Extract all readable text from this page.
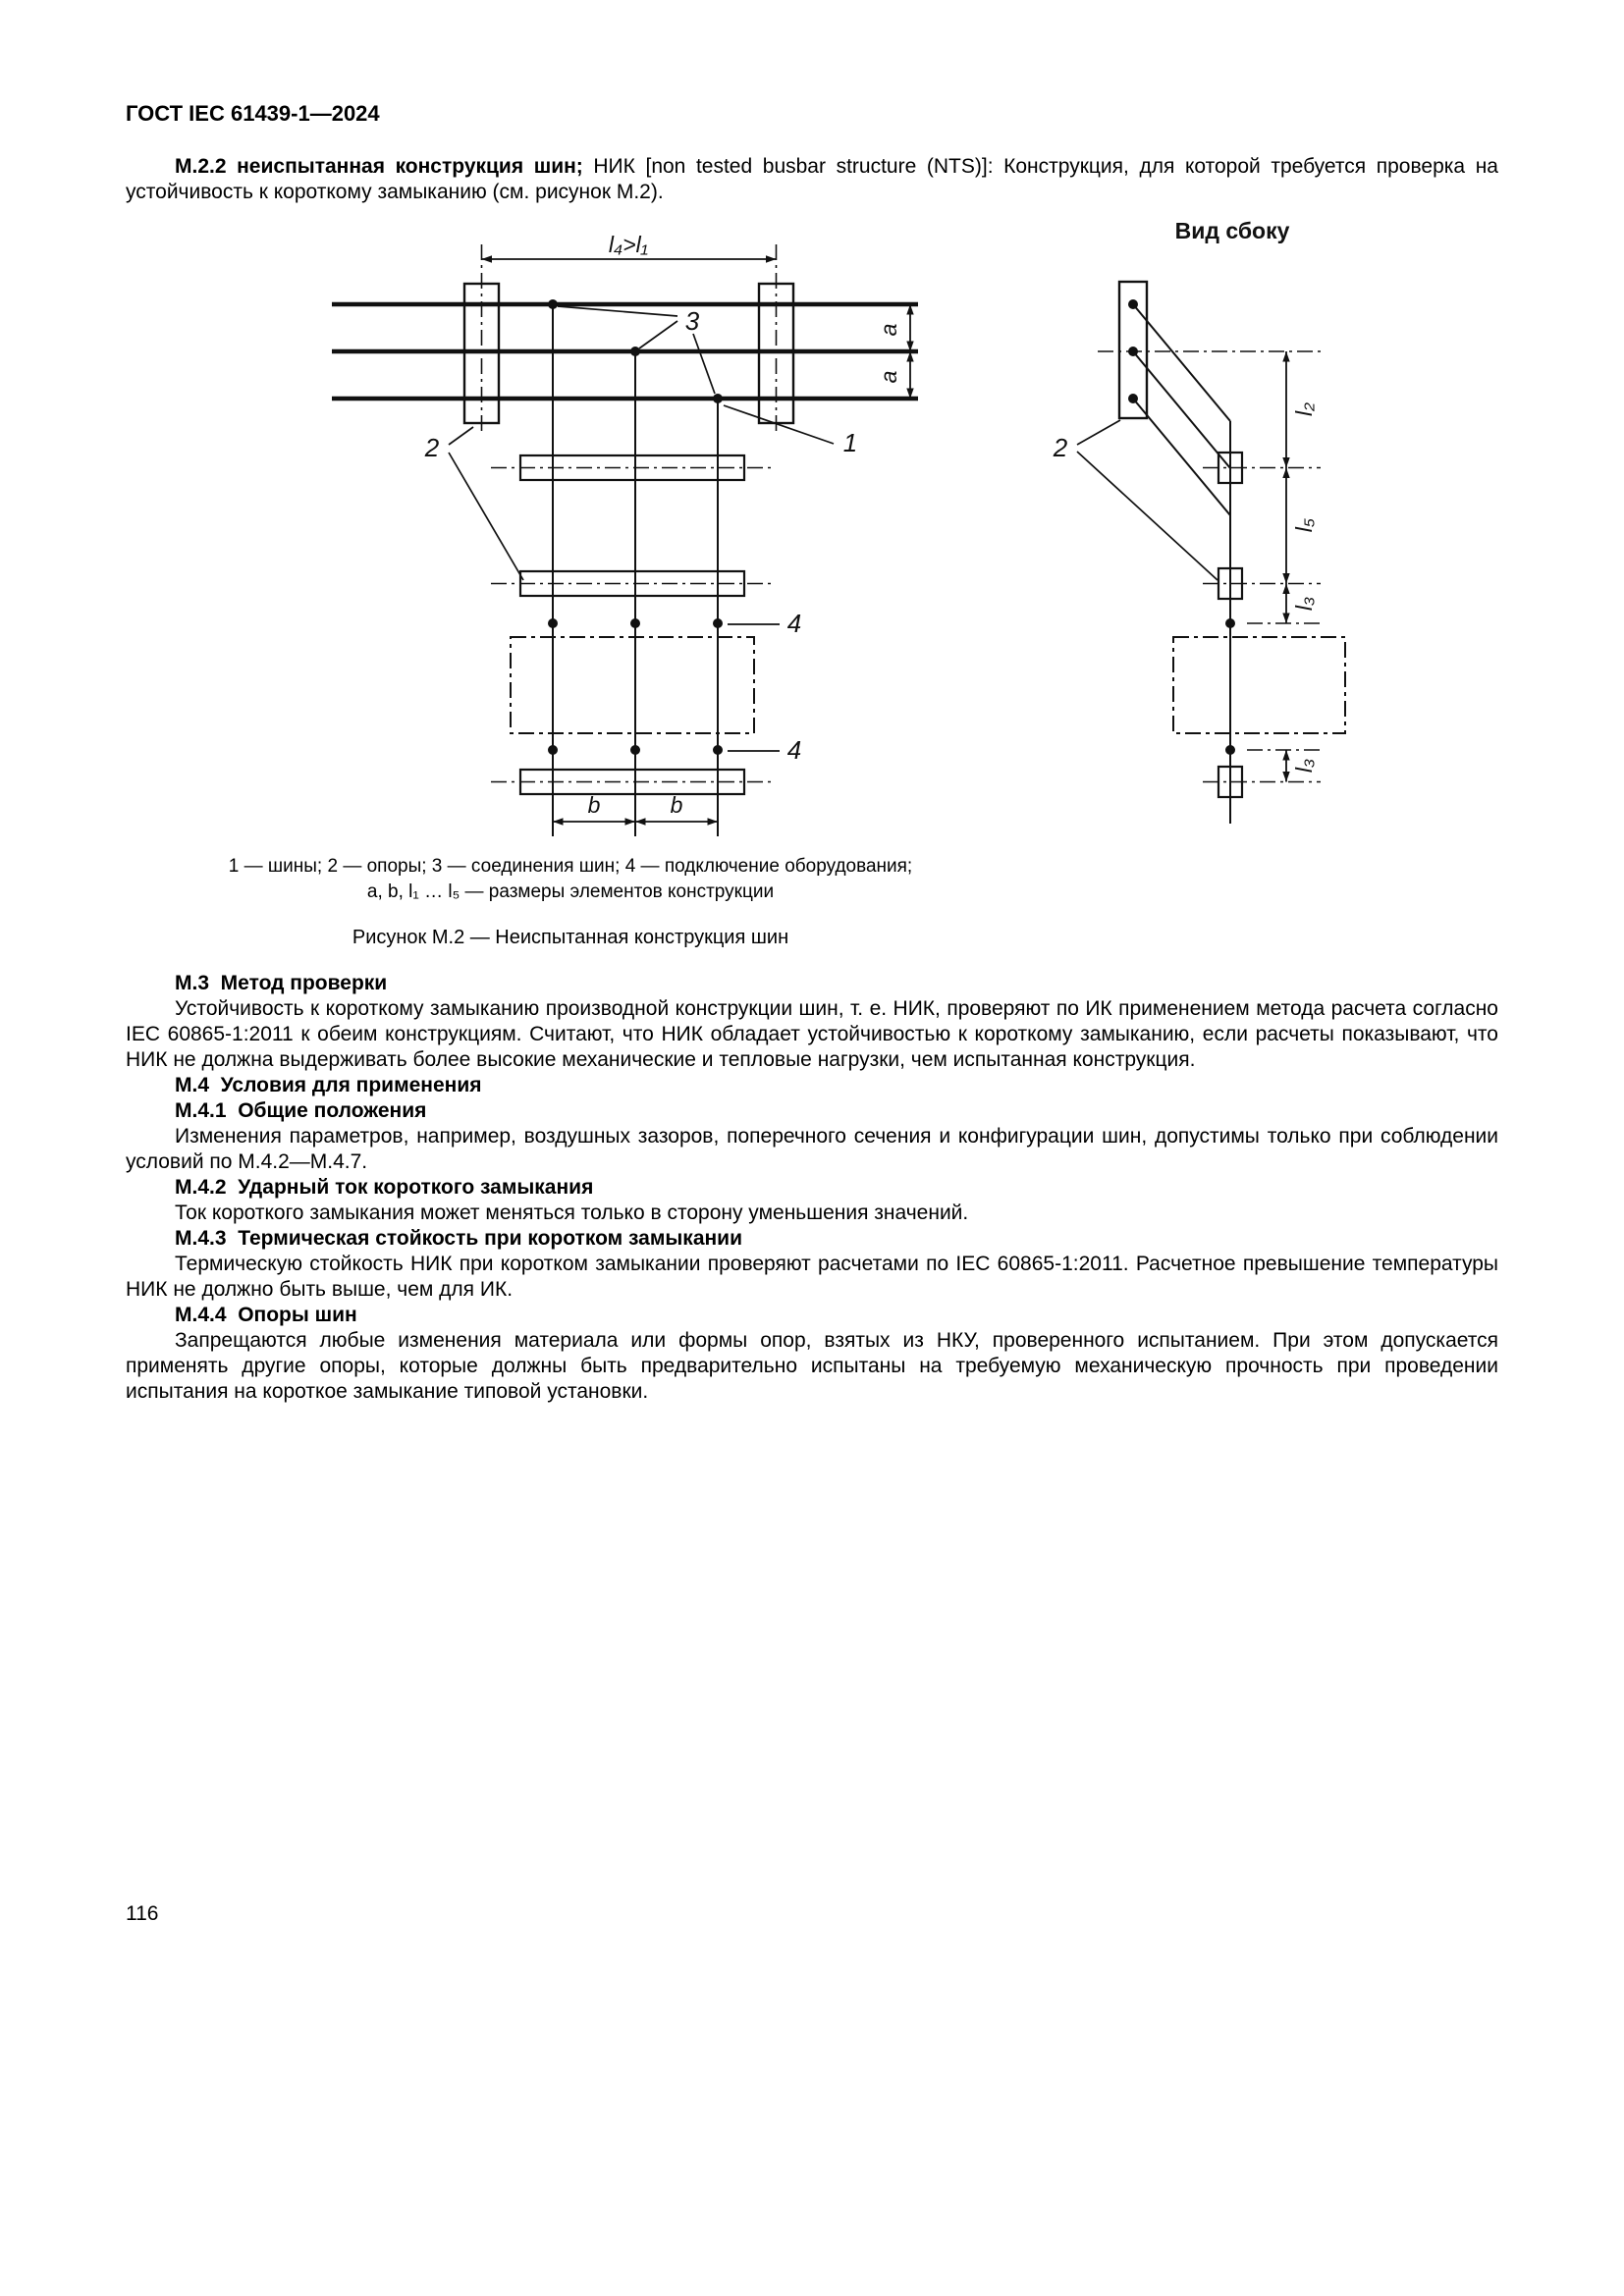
ГОСТ IEC 61439-1—2024

М.2.2 неиспытанная конструкция шин; НИК [non tested busbar structure (NTS)]: Конструкция, для которой требуется проверка на устойчивость к короткому замыканию (см. рисунок М.2).

l₄>l₁
a
a
3
1
2
4
4
b	b
Вид сбоку
2
l₂
l₅
l₃
l₃
1 — шины; 2 — опоры; 3 — соединения шин; 4 — подключение оборудования;
a, b, l₁ … l₅ — размеры элементов конструкции
Рисунок М.2 — Неиспытанная конструкция шин
М.3  Метод проверки

Устойчивость к короткому замыканию производной конструкции шин, т. е. НИК, проверяют по ИК применением метода расчета согласно IEC 60865-1:2011 к обеим конструкциям. Считают, что НИК обладает устойчивостью к короткому замыканию, если расчеты показывают, что НИК не должна выдерживать более высокие механические и тепловые нагрузки, чем испытанная конструкция.

М.4  Условия для применения
М.4.1  Общие положения

Изменения параметров, например, воздушных зазоров, поперечного сечения и конфигурации шин, допустимы только при соблюдении условий по М.4.2—М.4.7.

М.4.2  Ударный ток короткого замыкания

Ток короткого замыкания может меняться только в сторону уменьшения значений.

М.4.3  Термическая стойкость при коротком замыкании

Термическую стойкость НИК при коротком замыкании проверяют расчетами по IEC 60865-1:2011. Расчетное превышение температуры НИК не должно быть выше, чем для ИК.

М.4.4  Опоры шин

Запрещаются любые изменения материала или формы опор, взятых из НКУ, проверенного испытанием. При этом допускается применять другие опоры, которые должны быть предварительно испытаны на требуемую механическую прочность при проведении испытания на короткое замыкание типовой установки.

116
